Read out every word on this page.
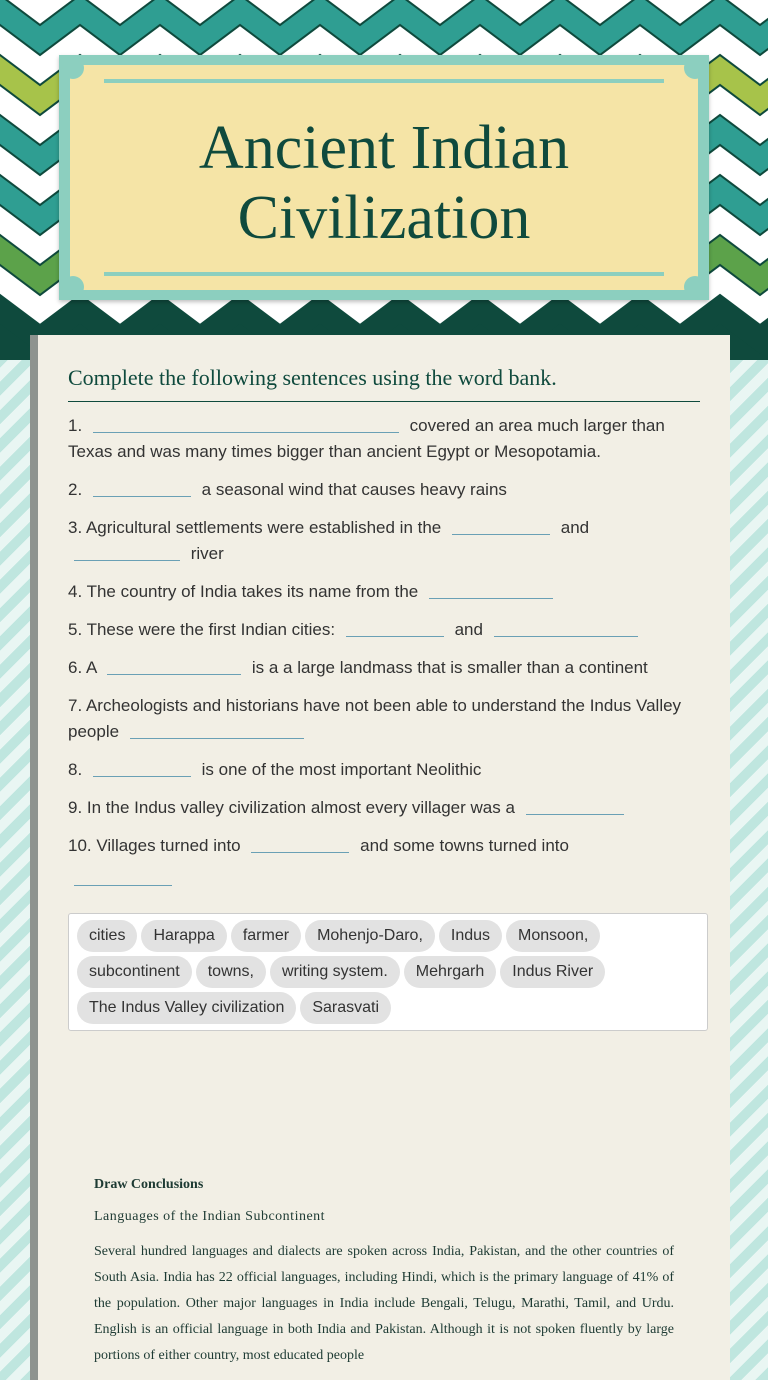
Ancient Indian Civilization
Complete the following sentences using the word bank.
1.	covered an area much larger than Texas and was many times bigger than ancient Egypt or Mesopotamia.
2.	a seasonal wind that causes heavy rains
3. Agricultural settlements were established in the	and
river
4. The country of India takes its name from the
5. These were the first Indian cities:	and
6. A	is a a large landmass that is smaller than a continent
7. Archeologists and historians have not been able to understand the Indus Valley people
8.	is one of the most important Neolithic
9. In the Indus valley civilization almost every villager was a
10. Villages turned into	and some towns turned into

cities Harappa farmer Mohenjo-Daro, Indus Monsoon,subcontinent towns, writing system. Mehrgarh Indus RiverThe Indus Valley civilization Sarasvati
Draw Conclusions
Languages of the Indian Subcontinent
Several hundred languages and dialects are spoken across India, Pakistan, and the other countries of South Asia. India has 22 official languages, including Hindi, which is the primary language of 41% of the population. Other major languages in India include Bengali, Telugu, Marathi, Tamil, and Urdu. English is an official language in both India and Pakistan. Although it is not spoken fluently by large portions of either country, most educated people
